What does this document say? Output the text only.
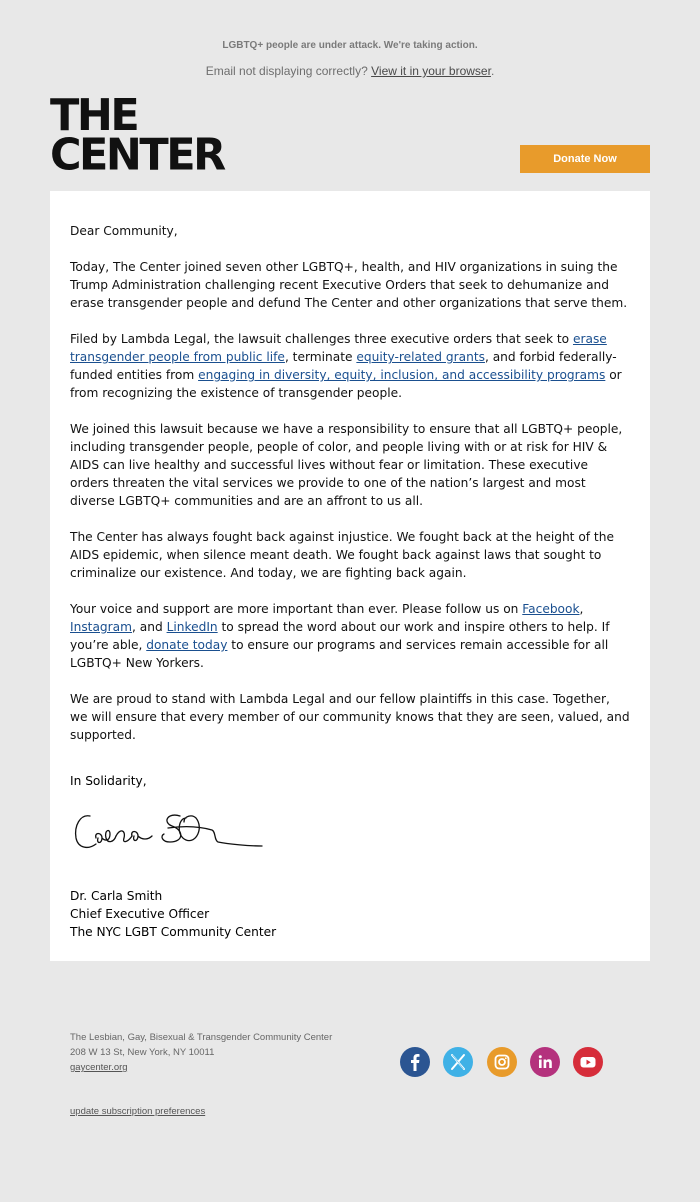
LGBTQ+ people are under attack. We're taking action.
Email not displaying correctly? View it in your browser.
THE
CENTER	Donate Now

Dear Community,

Today, The Center joined seven other LGBTQ+, health, and HIV organizations in suing the Trump Administration challenging recent Executive Orders that seek to dehumanize and erase transgender people and defund The Center and other organizations that serve them.

Filed by Lambda Legal, the lawsuit challenges three executive orders that seek to erase transgender people from public life, terminate equity-related grants, and forbid federally-funded entities from engaging in diversity, equity, inclusion, and accessibility programs or from recognizing the existence of transgender people.

We joined this lawsuit because we have a responsibility to ensure that all LGBTQ+ people, including transgender people, people of color, and people living with or at risk for HIV & AIDS can live healthy and successful lives without fear or limitation. These executive orders threaten the vital services we provide to one of the nation’s largest and most diverse LGBTQ+ communities and are an affront to us all.

The Center has always fought back against injustice. We fought back at the height of the AIDS epidemic, when silence meant death. We fought back against laws that sought to criminalize our existence. And today, we are fighting back again.

Your voice and support are more important than ever. Please follow us on Facebook, Instagram, and LinkedIn to spread the word about our work and inspire others to help. If you’re able, donate today to ensure our programs and services remain accessible for all LGBTQ+ New Yorkers.

We are proud to stand with Lambda Legal and our fellow plaintiffs in this case. Together, we will ensure that every member of our community knows that they are seen, valued, and supported.

In Solidarity,
Dr. Carla Smith
Chief Executive Officer
The NYC LGBT Community Center
The Lesbian, Gay, Bisexual & Transgender Community Center
208 W 13 St, New York, NY 10011
gaycenter.org
update subscription preferences
